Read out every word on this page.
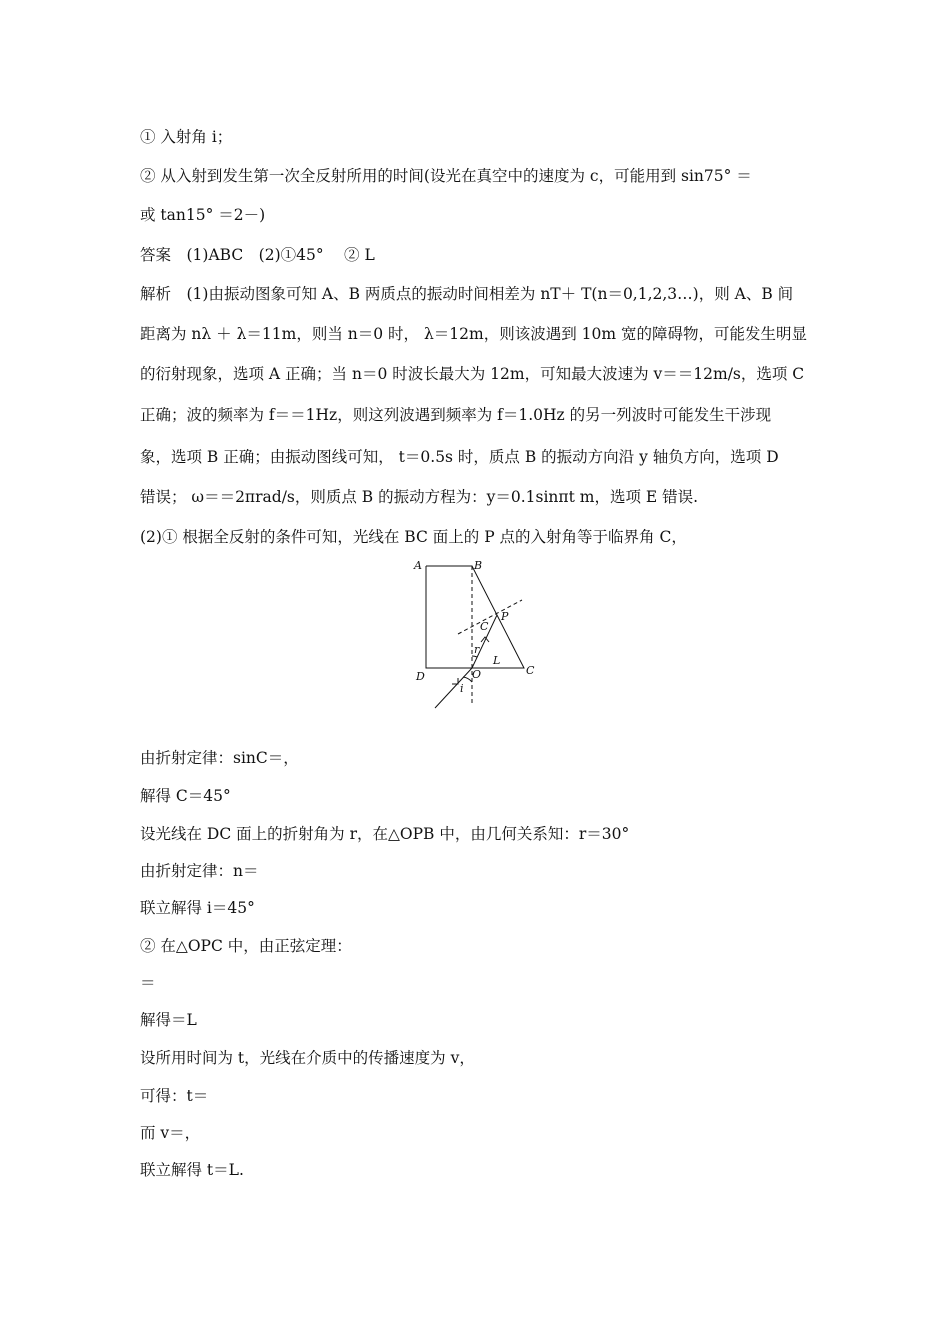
① 入射角 i；
② 从入射到发生第一次全反射所用的时间(设光在真空中的速度为 c，可能用到 sin75° ＝
或 tan15° ＝2－)
答案　(1)ABC　(2)①45°　 ② L
解析　(1)由振动图象可知 A、B 两质点的振动时间相差为 nT＋ T(n＝0,1,2,3…)，则 A、B 间
距离为 nλ ＋ λ＝11m，则当 n＝0 时， λ＝12m，则该波遇到 10m 宽的障碍物，可能发生明显
的衍射现象，选项 A 正确；当 n＝0 时波长最大为 12m，可知最大波速为 v＝＝12m/s，选项 C
正确；波的频率为 f＝＝1Hz，则这列波遇到频率为 f＝1.0Hz 的另一列波时可能发生干涉现
象，选项 B 正确；由振动图线可知， t＝0.5s 时，质点 B 的振动方向沿 y 轴负方向，选项 D
错误； ω＝＝2πrad/s，则质点 B 的振动方程为：y＝0.1sinπt m，选项 E 错误.
(2)① 根据全反射的条件可知，光线在 BC 面上的 P 点的入射角等于临界角 C，
A	B
C
D	O
P
L
r
i
C
由折射定律：sinC＝，
解得 C＝45°
设光线在 DC 面上的折射角为 r，在△OPB 中，由几何关系知：r＝30°
由折射定律：n＝
联立解得 i＝45°
② 在△OPC 中，由正弦定理：
＝
解得＝L
设所用时间为 t，光线在介质中的传播速度为 v，
可得：t＝
而 v＝，
联立解得 t＝L.
